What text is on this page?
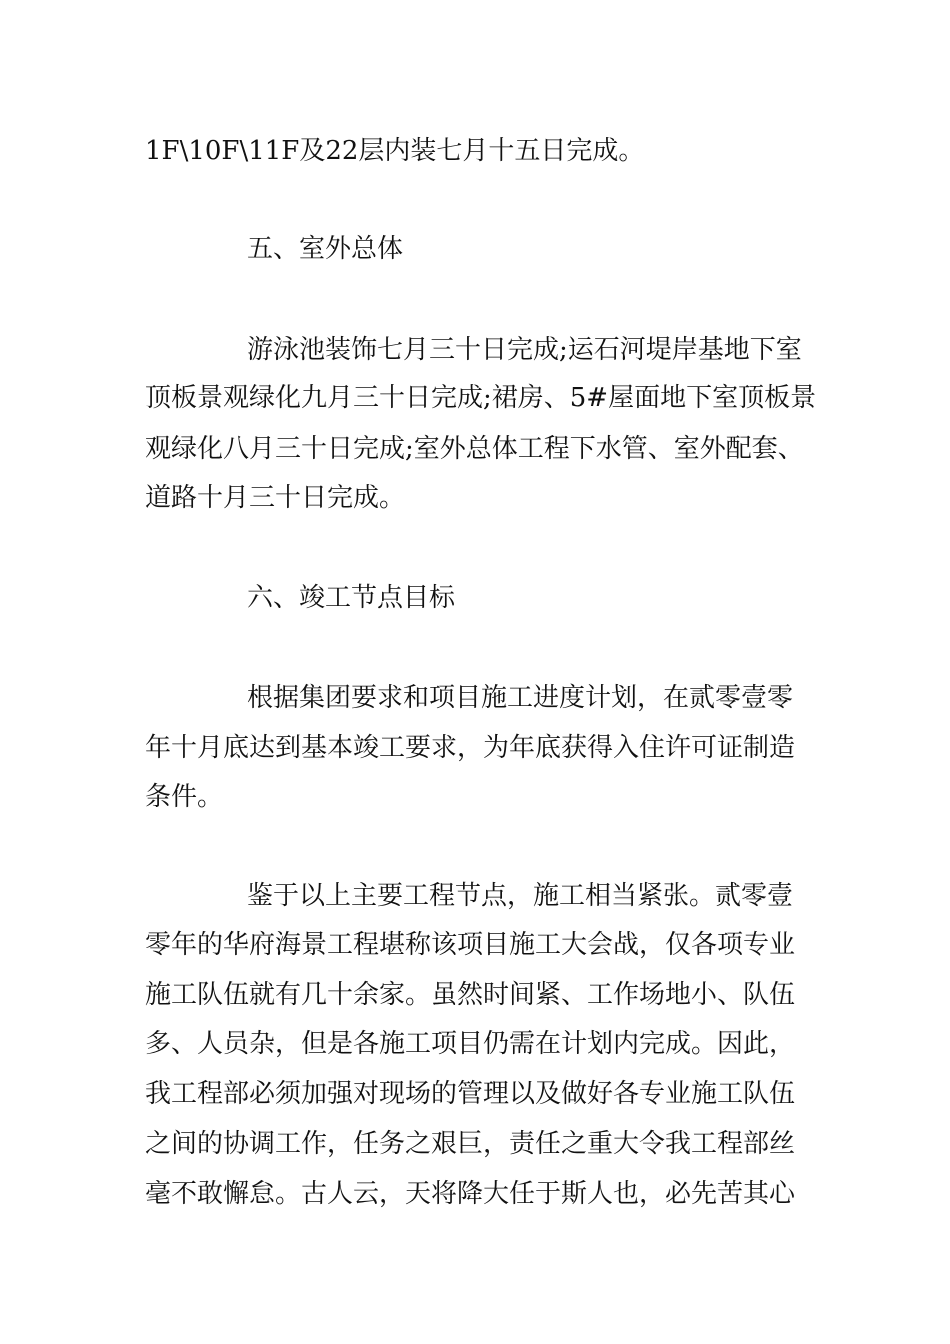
1F\10F\11F及22层内装七月十五日完成。

五、室外总体

游泳池装饰七月三十日完成;运石河堤岸基地下室

顶板景观绿化九月三十日完成;裙房、5#屋面地下室顶板景

观绿化八月三十日完成;室外总体工程下水管、室外配套、

道路十月三十日完成。

六、竣工节点目标

根据集团要求和项目施工进度计划，在贰零壹零

年十月底达到基本竣工要求，为年底获得入住许可证制造

条件。

鉴于以上主要工程节点，施工相当紧张。贰零壹

零年的华府海景工程堪称该项目施工大会战，仅各项专业

施工队伍就有几十余家。虽然时间紧、工作场地小、队伍

多、人员杂，但是各施工项目仍需在计划内完成。因此，

我工程部必须加强对现场的管理以及做好各专业施工队伍

之间的协调工作，任务之艰巨，责任之重大令我工程部丝

毫不敢懈怠。古人云，天将降大任于斯人也，必先苦其心
